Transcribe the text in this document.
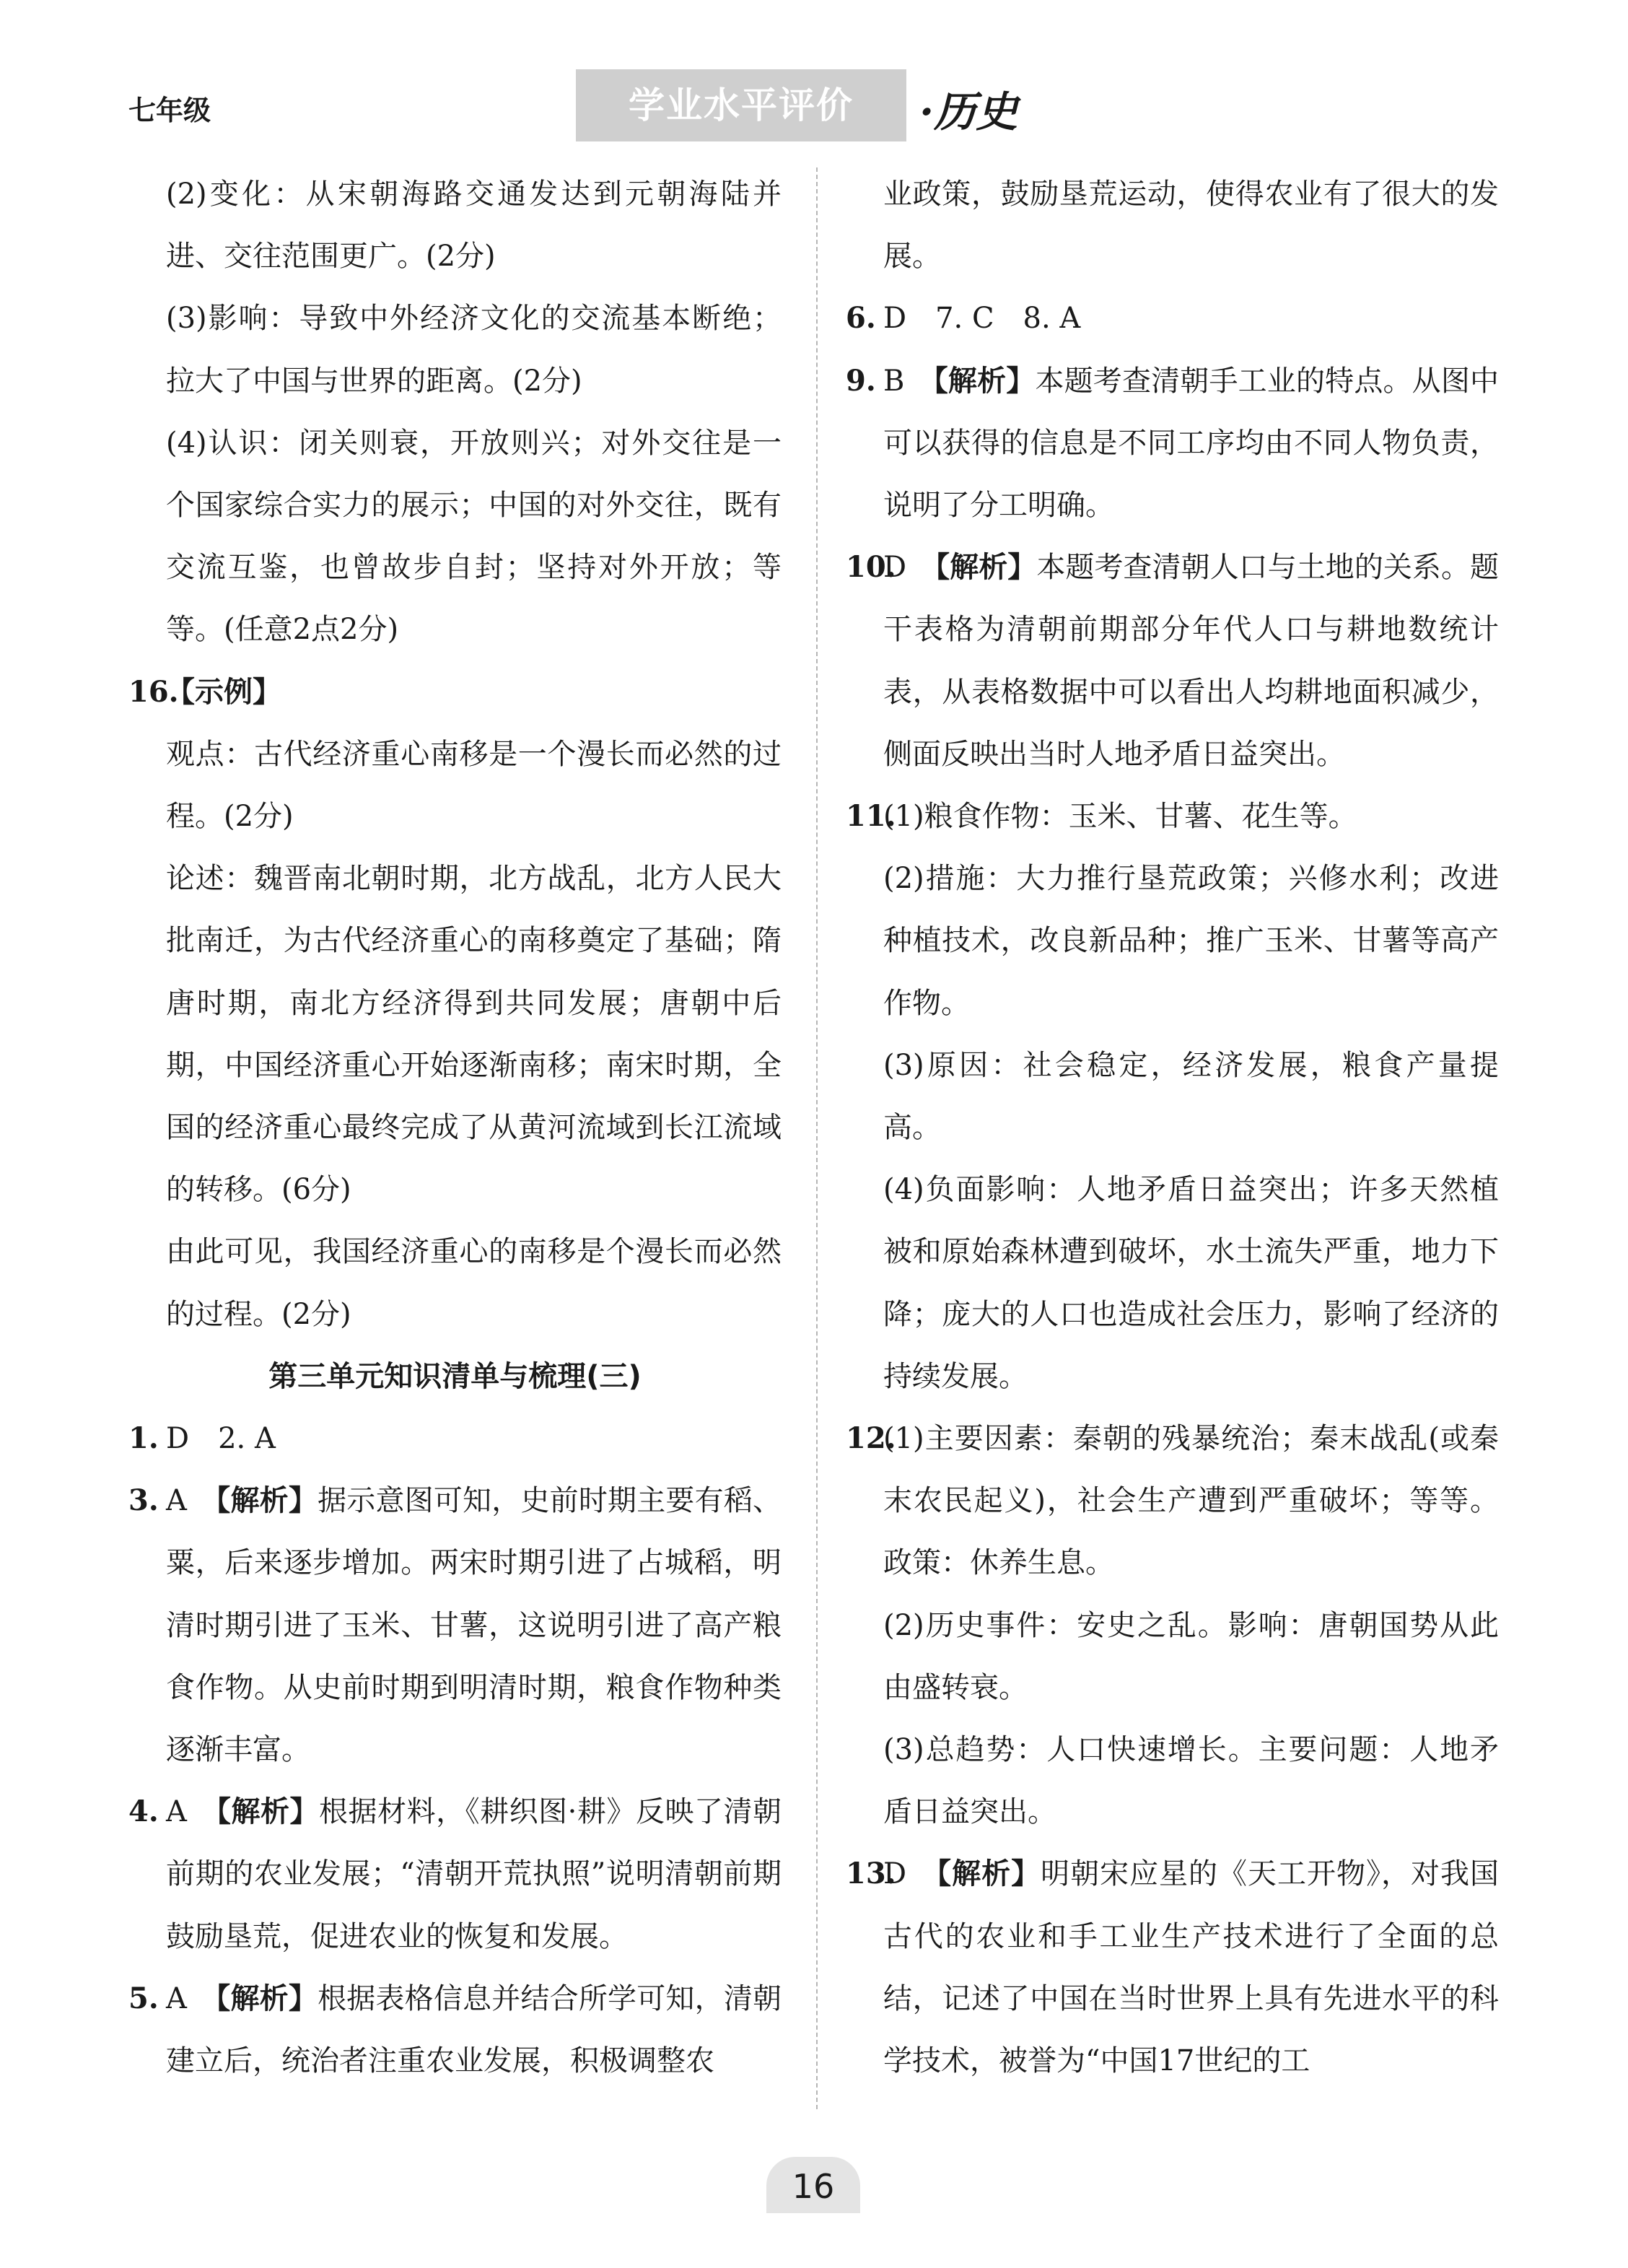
七年级	学业水平评价	·历史
(2)变化：从宋朝海路交通发达到元朝海陆并进、交往范围更广。(2分)
(3)影响：导致中外经济文化的交流基本断绝；拉大了中国与世界的距离。(2分)
(4)认识：闭关则衰，开放则兴；对外交往是一个国家综合实力的展示；中国的对外交往，既有交流互鉴，也曾故步自封；坚持对外开放；等等。(任意2点2分)
16.
【示例】
观点：古代经济重心南移是一个漫长而必然的过程。(2分)
论述：魏晋南北朝时期，北方战乱，北方人民大批南迁，为古代经济重心的南移奠定了基础；隋唐时期，南北方经济得到共同发展；唐朝中后期，中国经济重心开始逐渐南移；南宋时期，全国的经济重心最终完成了从黄河流域到长江流域的转移。(6分)
由此可见，我国经济重心的南移是个漫长而必然的过程。(2分)
第三单元知识清单与梳理(三)
1. D　2. A
3. A　【解析】据示意图可知，史前时期主要有稻、粟，后来逐步增加。两宋时期引进了占城稻，明清时期引进了玉米、甘薯，这说明引进了高产粮食作物。从史前时期到明清时期，粮食作物种类逐渐丰富。
4. A　【解析】根据材料，《耕织图·耕》反映了清朝前期的农业发展；“清朝开荒执照”说明清朝前期鼓励垦荒，促进农业的恢复和发展。
5. A　【解析】根据表格信息并结合所学可知，清朝建立后，统治者注重农业发展，积极调整农
业政策，鼓励垦荒运动，使得农业有了很大的发展。
6. D　7. C　8. A
9. B　【解析】本题考查清朝手工业的特点。从图中可以获得的信息是不同工序均由不同人物负责，说明了分工明确。
10.
D　【解析】本题考查清朝人口与土地的关系。题干表格为清朝前期部分年代人口与耕地数统计表，从表格数据中可以看出人均耕地面积减少，侧面反映出当时人地矛盾日益突出。
11.
(1)粮食作物：玉米、甘薯、花生等。
(2)措施：大力推行垦荒政策；兴修水利；改进种植技术，改良新品种；推广玉米、甘薯等高产作物。
(3)原因：社会稳定，经济发展，粮食产量提高。
(4)负面影响：人地矛盾日益突出；许多天然植被和原始森林遭到破坏，水土流失严重，地力下降；庞大的人口也造成社会压力，影响了经济的持续发展。
12.
(1)主要因素：秦朝的残暴统治；秦末战乱(或秦末农民起义)，社会生产遭到严重破坏；等等。政策：休养生息。
(2)历史事件：安史之乱。影响：唐朝国势从此由盛转衰。
(3)总趋势：人口快速增长。主要问题：人地矛盾日益突出。
13.
D　【解析】明朝宋应星的《天工开物》，对我国古代的农业和手工业生产技术进行了全面的总结，记述了中国在当时世界上具有先进水平的科学技术，被誉为“中国17世纪的工
16
